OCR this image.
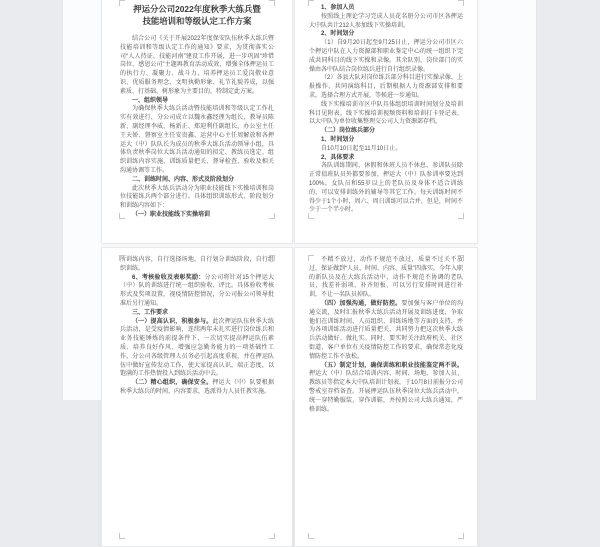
押运分公司2022年度秋季大练兵暨
技能培训和等级认定工作方案
结合公司《关于开展2022年度保安队伍秋季大练兵暨技能培训和等级认定工作的通知》要求，为贯彻落实公司“人人持证、技能河南”建设工作开展，进一步巩固“珍惜岗位、感恩公司”主题再教育活动成效，增强全体押运员工的执行力、凝聚力、战斗力，培养押运员工爱岗敬业意识、优质服务理念、文明执勤形象、礼节礼貌养成，以强素质、打基础、树形象为主要目的，特制定此方案。
一、组织领导
为确保秋季大练兵活动暨技能培训和等级认定工作扎实有效进行，分公司成立以魏永鑫经理为组长，教导员陈新、副经理李威、杨新正、郑迎利任副组长，办公室主任王天娇、督察室主任安贵鑫、运营中心主任周解放和各押运大（中）队队长为成员的秋季大练兵活动领导小组，具体负责秋季岗位大练兵活动通知的拟定、教练员选定、组织训练内容实施、训练质量把关、督导检查、验收及相关沟通协调等工作。
二、训练时间、内容、形式及阶段划分
此次秋季大练兵活动分为职业技能线下实操培训和岗位技能练兵两个部分进行。具体组织训练形式、阶段划分和训练内容如下：
（一）职业技能线下实操培训
1、参加人员
按照线上理论学习完成人员花名册分公司市区各押运大中队共计212人参加线下实操培训。
2、时间划分
（1）自9月20日起至9月25日止，押运分公司市区六个押运中队在人力资源部和职业鉴定中心的统一组织下完成共同科目的线下实操和录像。其余队别、岗位部门的实操由各中队结合岗位练兵进行自行组织录像。
（2）各县大队对岗位练兵部分科目进行实操录像，上报操作、共同演练科目，后期根据人力资源部安排和要求，选择合理方式开展，等候进一步通知。
线下实操培训市区中队具体组织培训时间划分及培训科目见附表。线下实操培训视频资料和培训打卡登记表，以大中队为单位收集整理交公司人力资源部存档。
（二）岗位练兵部分
1、时间划分
自10月10日起至11月10日止。
2、具体要求
各队训练期间，休假和休班人员不休息，参训队员除正常值班队员外都要参加，押运大（中）队参训率要达到100%。女队员和55岁以上的老队员及身体不适合训练的，可以安排训练外的辅导等其它工作。每天训练时间不得少于1个小时，周六、周日训练可以合并，但是，时间不少于一个半小时。
所训练内容，自行选择场地，自行划分训练阶段，自行组织训练。
6、考核验收及表彰奖励：分公司将针对15个押运大（中）队的训练进行统一组织验收、评比。具体验收考核形式及奖项设置，视疫情防控情况，分公司报公司领导批准后另行通知。
三、工作要求
（一）提高认识，积极参与。此次押运队伍秋季大练兵活动，是受疫情影响，连续两年未扎实进行岗位练兵和业务技能锤炼的前提条件下，一次切实提高押运队伍素质、培养良好作风、增强应急勤务能力的一项基础性工作，分公司各级管理人员务必引起高度重视，并在押运队伍中做好宣传发动工作，使大家提高认识，端正态度，以饱满的工作热情投入到练兵活动中去。
（二）精心组织，确保安全。押运大（中）队要根据秋季大练兵的时间、内容要求，选派得力人员任教实施。
不精不放过，动作不规范不放过，质量不过关不放过，保证做到“人员、时间、内容、质量”四落实。今年入职的新队员及在大练兵活动中，动作不规范不协调的老队员，找差补弱项、补齐短板，可以另行安排时间进行补训，不让一名队员掉队。
（四）加强沟通，做好防控。要加强与客户单位的沟通交流，及时汇报秋季大练兵活动开展及训练进度，争取他们在训练时间、人员组织、训练场地等方面的支持，并为各项训练活动进行质量把关，共同努力把这次秋季大练兵活动做好、做扎实。同时，要实时关注政府机关、社区街道、客户单位有关疫情防控工作的要求，确保常态化疫情防控工作不放松。
（五）制定计划，确保训练和职业技能鉴定两不误。押运大（中）队结合培训内容、时间、场地、参加人员、教练员等指定本大中队培训计划表，于10月8日前报分公司警戒室存档备查。开展押运队伍秋季岗位大练兵活动中，统一穿特勤服装、穿作训鞋，并按照公司大练兵通知，严格训练。
